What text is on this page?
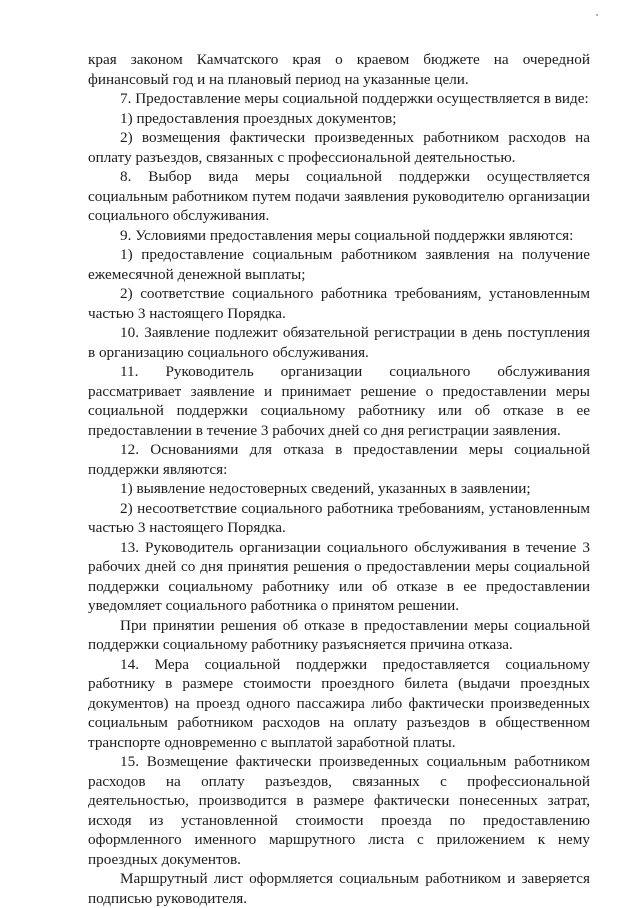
края законом Камчатского края о краевом бюджете на очередной финансовый год и на плановый период на указанные цели.

7. Предоставление меры социальной поддержки осуществляется в виде:

1) предоставления проездных документов;

2) возмещения фактически произведенных работником расходов на оплату разъездов, связанных с профессиональной деятельностью.

8. Выбор вида меры социальной поддержки осуществляется социальным работником путем подачи заявления руководителю организации социального обслуживания.

9. Условиями предоставления меры социальной поддержки являются:

1) предоставление социальным работником заявления на получение ежемесячной денежной выплаты;

2) соответствие социального работника требованиям, установленным частью 3 настоящего Порядка.

10. Заявление подлежит обязательной регистрации в день поступления в организацию социального обслуживания.

11. Руководитель организации социального обслуживания рассматривает заявление и принимает решение о предоставлении меры социальной поддержки социальному работнику или об отказе в ее предоставлении в течение 3 рабочих дней со дня регистрации заявления.

12. Основаниями для отказа в предоставлении меры социальной поддержки являются:

1) выявление недостоверных сведений, указанных в заявлении;

2) несоответствие социального работника требованиям, установленным частью 3 настоящего Порядка.

13. Руководитель организации социального обслуживания в течение 3 рабочих дней со дня принятия решения о предоставлении меры социальной поддержки социальному работнику или об отказе в ее предоставлении уведомляет социального работника о принятом решении.

При принятии решения об отказе в предоставлении меры социальной поддержки социальному работнику разъясняется причина отказа.

14. Мера социальной поддержки предоставляется социальному работнику в размере стоимости проездного билета (выдачи проездных документов) на проезд одного пассажира либо фактически произведенных социальным работником расходов на оплату разъездов в общественном транспорте одновременно с выплатой заработной платы.

15. Возмещение фактически произведенных социальным работником расходов на оплату разъездов, связанных с профессиональной деятельностью, производится в размере фактически понесенных затрат, исходя из установленной стоимости проезда по предоставлению оформленного именного маршрутного листа с приложением к нему проездных документов.

Маршрутный лист оформляется социальным работником и заверяется подписью руководителя.
